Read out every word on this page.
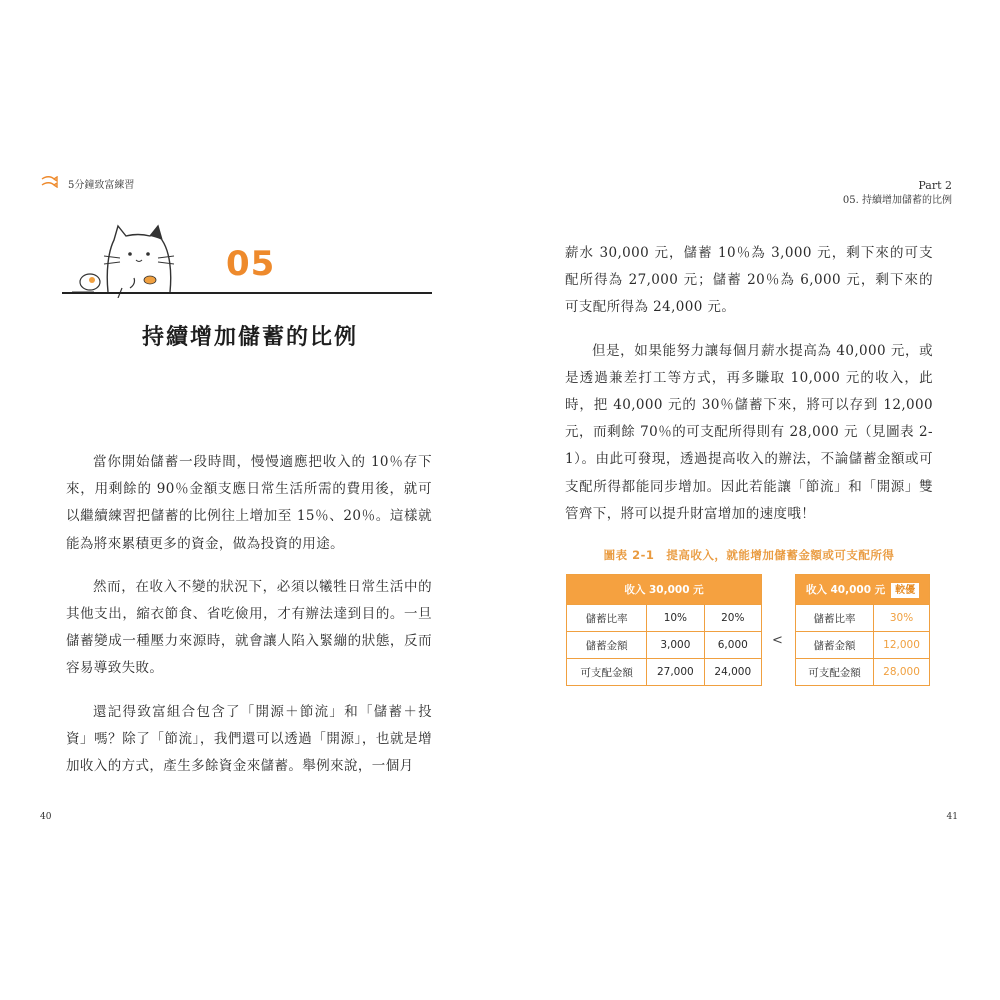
5分鐘致富練習	Part 2
05. 持續增加儲蓄的比例
05
持續增加儲蓄的比例

當你開始儲蓄一段時間，慢慢適應把收入的 10％存下來，用剩餘的 90％金額支應日常生活所需的費用後，就可以繼續練習把儲蓄的比例往上增加至 15％、20％。這樣就能為將來累積更多的資金，做為投資的用途。

然而，在收入不變的狀況下，必須以犧牲日常生活中的其他支出，縮衣節食、省吃儉用，才有辦法達到目的。一旦儲蓄變成一種壓力來源時，就會讓人陷入緊繃的狀態，反而容易導致失敗。

還記得致富組合包含了「開源＋節流」和「儲蓄＋投資」嗎？除了「節流」，我們還可以透過「開源」，也就是增加收入的方式，產生多餘資金來儲蓄。舉例來說，一個月

薪水 30,000 元，儲蓄 10％為 3,000 元，剩下來的可支配所得為 27,000 元；儲蓄 20％為 6,000 元，剩下來的可支配所得為 24,000 元。

但是，如果能努力讓每個月薪水提高為 40,000 元，或是透過兼差打工等方式，再多賺取 10,000 元的收入，此時，把 40,000 元的 30％儲蓄下來，將可以存到 12,000 元，而剩餘 70％的可支配所得則有 28,000 元（見圖表 2-1）。由此可發現，透過提高收入的辦法，不論儲蓄金額或可支配所得都能同步增加。因此若能讓「節流」和「開源」雙管齊下，將可以提升財富增加的速度哦！

圖表 2-1　提高收入，就能增加儲蓄金額或可支配所得
收入 30,000 元		
儲蓄比率	10%	20%
儲蓄金額	3,000	6,000
可支配金額	27,000	24,000
<
收入 40,000 元 較優	
儲蓄比率	30%
儲蓄金額	12,000
可支配金額	28,000
40	41
